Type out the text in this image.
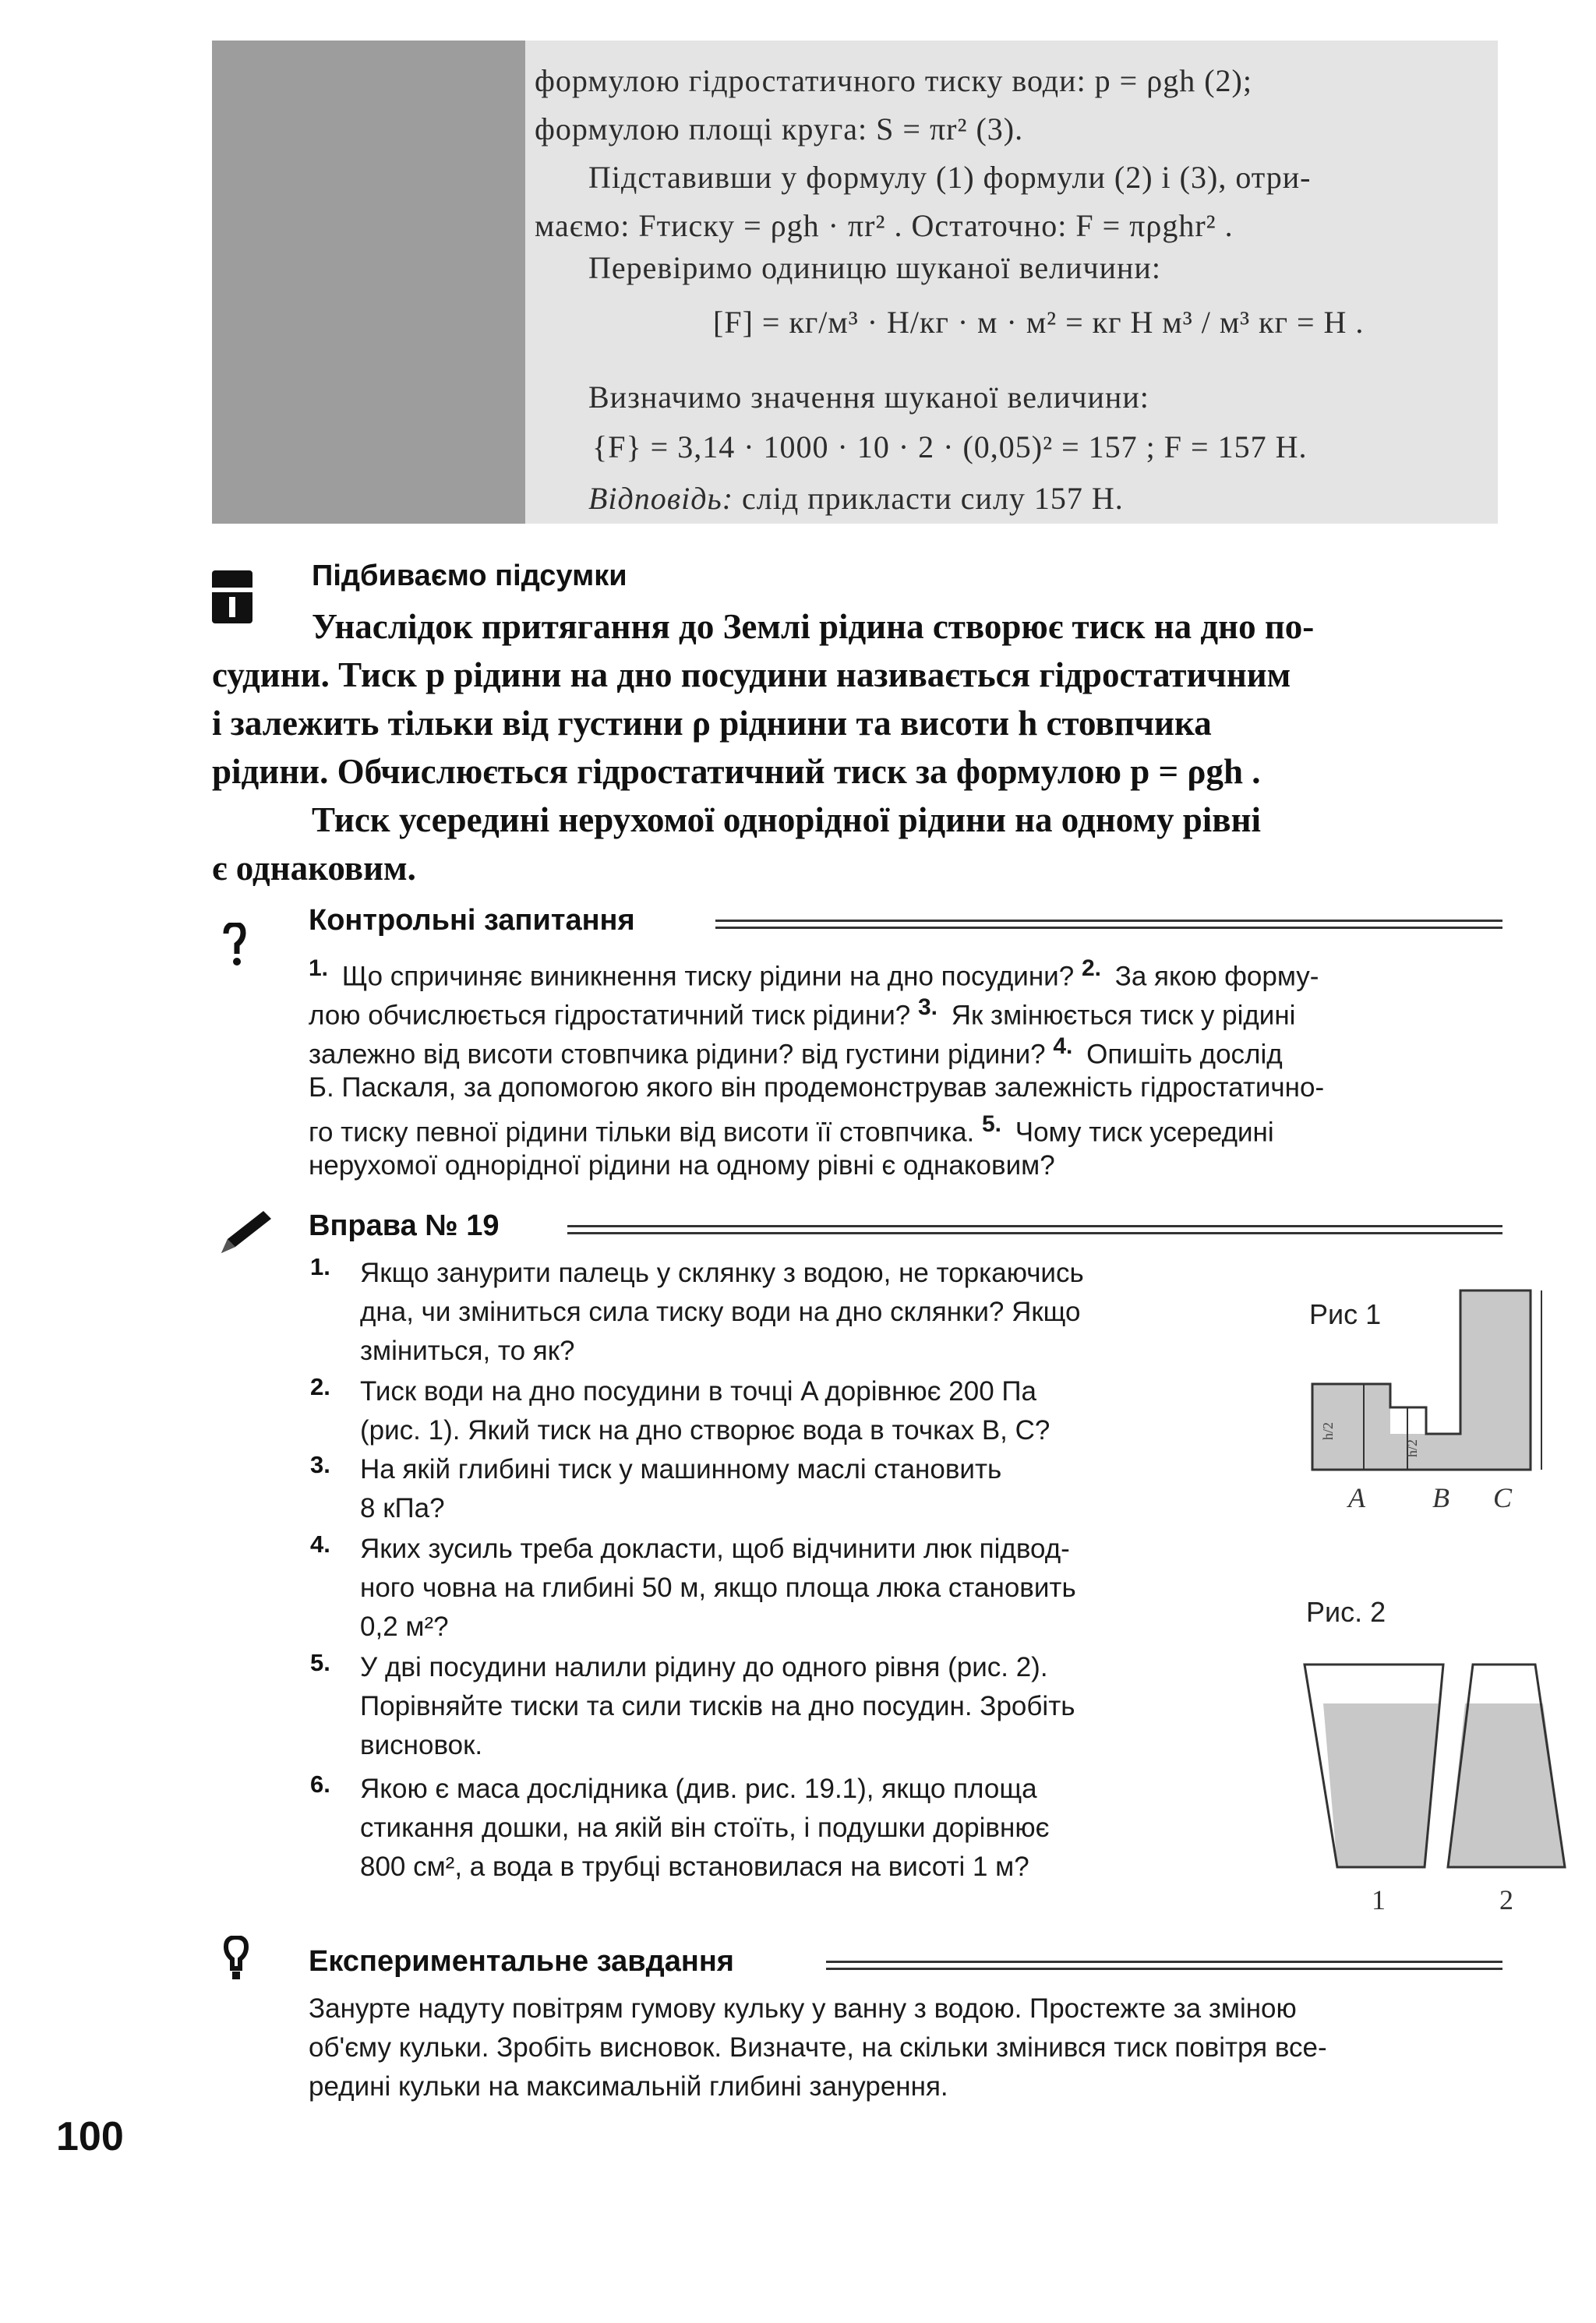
формулою гідростатичного тиску води: p = ρgh (2);
формулою площі круга: S = πr² (3).
Підставивши у формулу (1) формули (2) і (3), отри-
маємо: Fтиску = ρgh · πr² . Остаточно: F = πρghr² .
Перевіримо одиницю шуканої величини:
[F] = кг/м³ · Н/кг · м · м² = кг Н м³ / м³ кг = Н .
Визначимо значення шуканої величини:
{F} = 3,14 · 1000 · 10 · 2 · (0,05)² = 157 ; F = 157 Н.
Відповідь: слід прикласти силу 157 Н.
Підбиваємо підсумки
Унаслідок притягання до Землі рідина створює тиск на дно по-
судини. Тиск p рідини на дно посудини називається гідростатичним
і залежить тільки від густини ρ ріднини та висоти h стовпчика
рідини. Обчислюється гідростатичний тиск за формулою p = ρgh .
Тиск усередині нерухомої однорідної рідини на одному рівні
є однаковим.
Контрольні запитання
1. Що спричиняє виникнення тиску рідини на дно посудини? 2. За якою форму-
лою обчислюється гідростатичний тиск рідини? 3. Як змінюється тиск у рідині
залежно від висоти стовпчика рідини? від густини рідини? 4. Опишіть дослід
Б. Паскаля, за допомогою якого він продемонстрував залежність гідростатично-
го тиску певної рідини тільки від висоти її стовпчика. 5. Чому тиск усередині
нерухомої однорідної рідини на одному рівні є однаковим?
Вправа № 19
1. Якщо занурити палець у склянку з водою, не торкаючись
дна, чи зміниться сила тиску води на дно склянки? Якщо
зміниться, то як?
2. Тиск води на дно посудини в точці A дорівнює 200 Па
(рис. 1). Який тиск на дно створює вода в точках B, C?
3. На якій глибині тиск у машинному маслі становить
8 кПа?
4. Яких зусиль треба докласти, щоб відчинити люк підвод-
ного човна на глибині 50 м, якщо площа люка становить
0,2 м²?
5. У дві посудини налили рідину до одного рівня (рис. 2).
Порівняйте тиски та сили тисків на дно посудин. Зробіть
висновок.
6. Якою є маса дослідника (див. рис. 19.1), якщо площа
стикання дошки, на якій він стоїть, і подушки дорівнює
800 см², а вода в трубці встановилася на висоті 1 м?
Рис 1
h/2
h/2
A B C
Рис. 2
1	2
Експериментальне завдання
Занурте надуту повітрям гумову кульку у ванну з водою. Простежте за зміною
об'єму кульки. Зробіть висновок. Визначте, на скільки змінився тиск повітря все-
редині кульки на максимальній глибині занурення.
100
